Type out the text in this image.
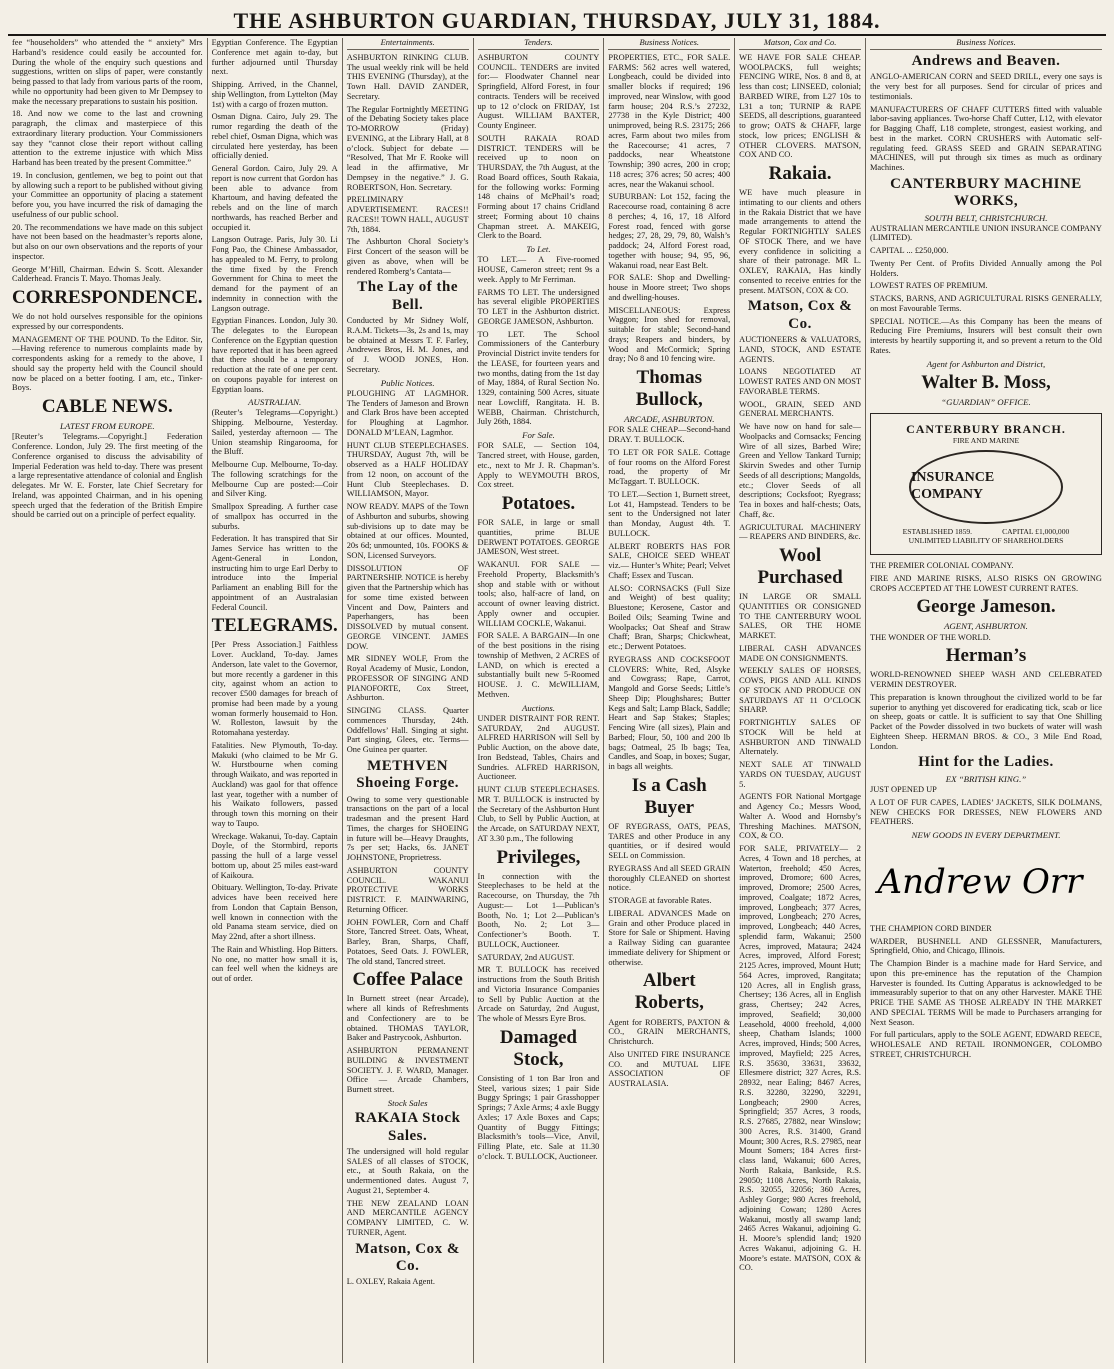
THE ASHBURTON GUARDIAN, THURSDAY, JULY 31, 1884.
fee “householders” who attended the “ anxiety” Mrs Harband’s residence could easily be accounted for. During the whole of the enquiry such questions and suggestions, written on slips of paper, were constantly being passed to that lady from various parts of the room, while no opportunity had been given to Mr Dempsey to make the necessary preparations to sustain his position.
18. And now we come to the last and crowning paragraph, the climax and masterpiece of this extraordinary literary production. Your Commissioners say they “cannot close their report without calling attention to the extreme injustice with which Miss Harband has been treated by the present Committee.”
19. In conclusion, gentlemen, we beg to point out that by allowing such a report to be published without giving your Committee an opportunity of placing a statement before you, you have incurred the risk of damaging the usefulness of our public school.
20. The recommendations we have made on this subject have not been based on the headmaster’s reports alone, but also on our own observations and the reports of your inspector.
George M’Hill, Chairman. Edwin S. Scott. Alexander Calderhead. Francis T. Mayo. Thomas Jealy.
CORRESPONDENCE.
We do not hold ourselves responsible for the opinions expressed by our correspondents.
MANAGEMENT OF THE POUND. To the Editor. Sir,—Having reference to numerous complaints made by correspondents asking for a remedy to the above, I should say the property held with the Council should now be placed on a better footing. I am, etc., Tinker-Boys.
CABLE NEWS.
LATEST FROM EUROPE.
[Reuter’s Telegrams.—Copyright.] Federation Conference. London, July 29. The first meeting of the Conference organised to discuss the advisability of Imperial Federation was held to-day. There was present a large representative attendance of colonial and English delegates. Mr W. E. Forster, late Chief Secretary for Ireland, was appointed Chairman, and in his opening speech urged that the federation of the British Empire should be carried out on a principle of perfect equality.
Egyptian Conference. The Egyptian Conference met again to-day, but further adjourned until Thursday next.
Shipping. Arrived, in the Channel, ship Wellington, from Lyttelton (May 1st) with a cargo of frozen mutton.
Osman Digna. Cairo, July 29. The rumor regarding the death of the rebel chief, Osman Digna, which was circulated here yesterday, has been officially denied.
General Gordon. Cairo, July 29. A report is now current that Gordon has been able to advance from Khartoum, and having defeated the rebels and on the line of march northwards, has reached Berber and occupied it.
Langson Outrage. Paris, July 30. Li Fong Pao, the Chinese Ambassador, has appealed to M. Ferry, to prolong the time fixed by the French Government for China to meet the demand for the payment of an indemnity in connection with the Langson outrage.
Egyptian Finances. London, July 30. The delegates to the European Conference on the Egyptian question have reported that it has been agreed that there should be a temporary reduction at the rate of one per cent. on coupons payable for interest on Egyptian loans.
AUSTRALIAN.
(Reuter’s Telegrams—Copyright.) Shipping. Melbourne, Yesterday. Sailed, yesterday afternoon — The Union steamship Ringarooma, for the Bluff.
Melbourne Cup. Melbourne, To-day. The following scratchings for the Melbourne Cup are posted:—Coir and Silver King.
Smallpox Spreading. A further case of smallpox has occurred in the suburbs.
Federation. It has transpired that Sir James Service has written to the Agent-General in London, instructing him to urge Earl Derby to introduce into the Imperial Parliament an enabling Bill for the appointment of an Australasian Federal Council.
TELEGRAMS.
[Per Press Association.] Faithless Lover. Auckland, To-day. James Anderson, late valet to the Governor, but more recently a gardener in this city, against whom an action to recover £500 damages for breach of promise had been made by a young woman formerly housemaid to Hon. W. Rolleston, lawsuit by the Rotomahana yesterday.
Fatalities. New Plymouth, To-day. Makuki (who claimed to be Mr G. W. Hurstbourne when coming through Waikato, and was reported in Auckland) was gaol for that offence last year, together with a number of his Waikato followers, passed through town this morning on their way to Taupo.
Wreckage. Wakanui, To-day. Captain Doyle, of the Stormbird, reports passing the hull of a large vessel bottom up, about 25 miles east-ward of Kaikoura.
Obituary. Wellington, To-day. Private advices have been received here from London that Captain Benson, well known in connection with the old Panama steam service, died on May 22nd, after a short illness.
The Rain and Whistling. Hop Bitters. No one, no matter how small it is, can feel well when the kidneys are out of order.
Entertainments.
ASHBURTON RINKING CLUB. The usual weekly rink will be held THIS EVENING (Thursday), at the Town Hall. DAVID ZANDER, Secretary.
The Regular Fortnightly MEETING of the Debating Society takes place TO-MORROW (Friday) EVENING, at the Library Hall, at 8 o’clock. Subject for debate — “Resolved, That Mr F. Rooke will lead in the affirmative, Mr Dempsey in the negative.” J. G. ROBERTSON, Hon. Secretary.
PRELIMINARY ADVERTISEMENT. RACES!! RACES!! TOWN HALL, AUGUST 7th, 1884.
The Ashburton Choral Society’s First Concert of the season will be given as above, when will be rendered Romberg’s Cantata—
The Lay of the Bell.
Conducted by Mr Sidney Wolf, R.A.M. Tickets—3s, 2s and 1s, may be obtained at Messrs T. F. Farley, Andrewes Bros, H. M. Jones, and of J. WOOD JONES, Hon. Secretary.
Public Notices.
PLOUGHING AT LAGMHOR. The Tenders of Jameson and Brown and Clark Bros have been accepted for Ploughing at Lagmhor. DONALD M’LEAN, Lagmhor.
HUNT CLUB STEEPLECHASES. THURSDAY, August 7th, will be observed as a HALF HOLIDAY from 12 noon, on account of the Hunt Club Steeplechases. D. WILLIAMSON, Mayor.
NOW READY. MAPS of the Town of Ashburton and suburbs, showing sub-divisions up to date may be obtained at our offices. Mounted, 20s 6d; unmounted, 10s. FOOKS & SON, Licensed Surveyors.
DISSOLUTION OF PARTNERSHIP. NOTICE is hereby given that the Partnership which has for some time existed between Vincent and Dow, Painters and Paperhangers, has been DISSOLVED by mutual consent. GEORGE VINCENT. JAMES DOW.
MR SIDNEY WOLF, From the Royal Academy of Music, London, PROFESSOR OF SINGING AND PIANOFORTE, Cox Street, Ashburton.
SINGING CLASS. Quarter commences Thursday, 24th. Oddfellows’ Hall. Singing at sight. Part singing, Glees, etc. Terms—One Guinea per quarter.
METHVEN Shoeing Forge.
Owing to some very questionable transactions on the part of a local tradesman and the present Hard Times, the charges for SHOEING in future will be—Heavy Draughts, 7s per set; Hacks, 6s. JANET JOHNSTONE, Proprietress.
ASHBURTON COUNTY COUNCIL. WAKANUI PROTECTIVE WORKS DISTRICT. F. MAINWARING, Returning Officer.
JOHN FOWLER, Corn and Chaff Store, Tancred Street. Oats, Wheat, Barley, Bran, Sharps, Chaff, Potatoes, Seed Oats. J. FOWLER, The old stand, Tancred street.
Coffee Palace
In Burnett street (near Arcade), where all kinds of Refreshments and Confectionery are to be obtained. THOMAS TAYLOR, Baker and Pastrycook, Ashburton.
ASHBURTON PERMANENT BUILDING & INVESTMENT SOCIETY. J. F. WARD, Manager. Office — Arcade Chambers, Burnett street.
Stock Sales
RAKAIA Stock Sales.
The undersigned will hold regular SALES of all classes of STOCK, etc., at South Rakaia, on the undermentioned dates. August 7, August 21, September 4.
THE NEW ZEALAND LOAN AND MERCANTILE AGENCY COMPANY LIMITED, C. W. TURNER, Agent.
Matson, Cox & Co.
L. OXLEY, Rakaia Agent.
Tenders.
ASHBURTON COUNTY COUNCIL. TENDERS are invited for:— Floodwater Channel near Springfield, Alford Forest, in four contracts. Tenders will be received up to 12 o’clock on FRIDAY, 1st August. WILLIAM BAXTER, County Engineer.
SOUTH RAKAIA ROAD DISTRICT. TENDERS will be received up to noon on THURSDAY, the 7th August, at the Road Board offices, South Rakaia, for the following works: Forming 148 chains of McPhail’s road; Forming about 17 chains Cridland street; Forming about 10 chains Chapman street. A. MAKEIG, Clerk to the Board.
To Let.
TO LET.— A Five-roomed HOUSE, Cameron street; rent 9s a week. Apply to Mr Ferriman.
FARMS TO LET. The undersigned has several eligible PROPERTIES TO LET in the Ashburton district. GEORGE JAMESON, Ashburton.
TO LET. The School Commissioners of the Canterbury Provincial District invite tenders for the LEASE, for fourteen years and two months, dating from the 1st day of May, 1884, of Rural Section No. 1329, containing 500 Acres, situate near Lowcliff, Rangitata. H. B. WEBB, Chairman. Christchurch, July 26th, 1884.
For Sale.
FOR SALE, — Section 104, Tancred street, with House, garden, etc., next to Mr J. R. Chapman’s. Apply to WEYMOUTH BROS, Cox street.
Potatoes.
FOR SALE, in large or small quantities, prime BLUE DERWENT POTATOES. GEORGE JAMESON, West street.
WAKANUI. FOR SALE — Freehold Property, Blacksmith’s shop and stable with or without tools; also, half-acre of land, on account of owner leaving district. Apply owner and occupier. WILLIAM COCKLE, Wakanui.
FOR SALE. A BARGAIN—In one of the best positions in the rising township of Methven, 2 ACRES of LAND, on which is erected a substantially built new 5-Roomed HOUSE. J. C. McWILLIAM, Methven.
Auctions.
UNDER DISTRAINT FOR RENT. SATURDAY, 2nd AUGUST. ALFRED HARRISON will Sell by Public Auction, on the above date, Iron Bedstead, Tables, Chairs and Sundries. ALFRED HARRISON, Auctioneer.
HUNT CLUB STEEPLECHASES. MR T. BULLOCK is instructed by the Secretary of the Ashburton Hunt Club, to Sell by Public Auction, at the Arcade, on SATURDAY NEXT, AT 3.30 p.m., The following
Privileges,
In connection with the Steeplechases to be held at the Racecourse, on Thursday, the 7th August:— Lot 1—Publican’s Booth, No. 1; Lot 2—Publican’s Booth, No. 2; Lot 3—Confectioner’s Booth. T. BULLOCK, Auctioneer.
SATURDAY, 2nd AUGUST.
MR T. BULLOCK has received instructions from the South British and Victoria Insurance Companies to Sell by Public Auction at the Arcade on Saturday, 2nd August, The whole of Messrs Eyre Bros.
Damaged Stock,
Consisting of 1 ton Bar Iron and Steel, various sizes; 1 pair Side Buggy Springs; 1 pair Grasshopper Springs; 7 Axle Arms; 4 axle Buggy Axles; 17 Axle Boxes and Caps; Quantity of Buggy Fittings; Blacksmith’s tools—Vice, Anvil, Filling Plate, etc. Sale at 11.30 o’clock. T. BULLOCK, Auctioneer.
Business Notices.
PROPERTIES, ETC., FOR SALE. FARMS: 562 acres well watered, Longbeach, could be divided into smaller blocks if required; 196 improved, near Winslow, with good farm house; 204 R.S.’s 27232, 27738 in the Kyle District; 400 unimproved, being R.S. 23175; 266 acres, Farm about two miles from the Racecourse; 41 acres, 7 paddocks, near Wheatstone Township; 390 acres, 200 in crop; 118 acres; 376 acres; 50 acres; 400 acres, near the Wakanui school.
SUBURBAN: Lot 152, facing the Racecourse road, containing 8 acre 8 perches; 4, 16, 17, 18 Alford Forest road, fenced with gorse hedges; 27, 28, 29, 79, 80, Walsh’s paddock; 24, Alford Forest road, together with house; 94, 95, 96, Wakanui road, near East Belt.
FOR SALE: Shop and Dwelling-house in Moore street; Two shops and dwelling-houses.
MISCELLANEOUS: Express Waggon; Iron shed for removal, suitable for stable; Second-hand drays; Reapers and binders, by Wood and McCormick; Spring dray; No 8 and 10 fencing wire.
Thomas Bullock,
ARCADE, ASHBURTON.
FOR SALE CHEAP—Second-hand DRAY. T. BULLOCK.
TO LET OR FOR SALE. Cottage of four rooms on the Alford Forest road, the property of Mr McTaggart. T. BULLOCK.
TO LET.—Section 1, Burnett street, Lot 41, Hampstead. Tenders to be sent to the Undersigned not later than Monday, August 4th. T. BULLOCK.
ALBERT ROBERTS HAS FOR SALE, CHOICE SEED WHEAT viz.— Hunter’s White; Pearl; Velvet Chaff; Essex and Tuscan.
ALSO: CORNSACKS (Full Size and Weight) of best quality; Bluestone; Kerosene, Castor and Boiled Oils; Seaming Twine and Woolpacks; Oat Sheaf and Straw Chaff; Bran, Sharps; Chickwheat, etc.; Derwent Potatoes.
RYEGRASS AND COCKSFOOT CLOVERS: White, Red, Alsyke and Cowgrass; Rape, Carrot, Mangold and Gorse Seeds; Little’s Sheep Dip; Ploughshares; Butter Kegs and Salt; Lamp Black, Saddle; Heart and Sap Stakes; Staples; Fencing Wire (all sizes), Plain and Barbed; Flour, 50, 100 and 200 lb bags; Oatmeal, 25 lb bags; Tea, Candles, and Soap, in boxes; Sugar, in bags all weights.
Is a Cash Buyer
OF RYEGRASS, OATS, PEAS, TARES and other Produce in any quantities, or if desired would SELL on Commission.
RYEGRASS And all SEED GRAIN thoroughly CLEANED on shortest notice.
STORAGE at favorable Rates.
LIBERAL ADVANCES Made on Grain and other Produce placed in Store for Sale or Shipment. Having a Railway Siding can guarantee immediate delivery for Shipment or otherwise.
Albert Roberts,
Agent for ROBERTS, PAXTON & CO., GRAIN MERCHANTS, Christchurch.
Also UNITED FIRE INSURANCE CO. and MUTUAL LIFE ASSOCIATION OF AUSTRALASIA.
Matson, Cox and Co.
WE HAVE FOR SALE CHEAP. WOOLPACKS, full weights; FENCING WIRE, Nos. 8 and 8, at less than cost; LINSEED, colonial; BARBED WIRE, from L27 10s to L31 a ton; TURNIP & RAPE SEEDS, all descriptions, guaranteed to grow; OATS & CHAFF, large stock, low prices; ENGLISH & OTHER CLOVERS. MATSON, COX AND CO.
Rakaia.
WE have much pleasure in intimating to our clients and others in the Rakaia District that we have made arrangements to attend the Regular FORTNIGHTLY SALES OF STOCK There, and we have every confidence in soliciting a share of their patronage. MR L. OXLEY, RAKAIA, Has kindly consented to receive entries for the present. MATSON, COX & CO.
Matson, Cox & Co.
AUCTIONEERS & VALUATORS, LAND, STOCK, AND ESTATE AGENTS.
LOANS NEGOTIATED AT LOWEST RATES AND ON MOST FAVORABLE TERMS.
WOOL, GRAIN, SEED AND GENERAL MERCHANTS.
We have now on hand for sale— Woolpacks and Cornsacks; Fencing Wire of all sizes, Barbed Wire; Green and Yellow Tankard Turnip; Skirvin Swedes and other Turnip Seeds of all descriptions; Mangolds, etc.; Clover Seeds of all descriptions; Cocksfoot; Ryegrass; Tea in boxes and half-chests; Oats, Chaff, &c.
AGRICULTURAL MACHINERY— REAPERS AND BINDERS, &c.
Wool Purchased
IN LARGE OR SMALL QUANTITIES OR CONSIGNED TO THE CANTERBURY WOOL SALES, OR THE HOME MARKET.
LIBERAL CASH ADVANCES MADE ON CONSIGNMENTS.
WEEKLY SALES OF HORSES, COWS, PIGS AND ALL KINDS OF STOCK AND PRODUCE ON SATURDAYS AT 11 O’CLOCK SHARP.
FORTNIGHTLY SALES OF STOCK Will be held at ASHBURTON AND TINWALD Alternately.
NEXT SALE AT TINWALD YARDS ON TUESDAY, AUGUST 5.
AGENTS FOR National Mortgage and Agency Co.; Messrs Wood, Walter A. Wood and Hornsby’s Threshing Machines. MATSON, COX, & CO.
FOR SALE, PRIVATELY— 2 Acres, 4 Town and 18 perches, at Waterton, freehold; 450 Acres, improved, Dromore; 600 Acres, improved, Dromore; 2500 Acres, improved, Coalgate; 1872 Acres, improved, Longbeach; 377 Acres, improved, Longbeach; 270 Acres, improved, Longbeach; 440 Acres, splendid farm, Wakanui; 2500 Acres, improved, Mataura; 2424 Acres, improved, Alford Forest; 2125 Acres, improved, Mount Hutt; 564 Acres, improved, Rangitata; 120 Acres, all in English grass, Chertsey; 136 Acres, all in English grass, Chertsey; 242 Acres, improved, Seafield; 30,000 Leasehold, 4000 freehold, 4,000 sheep, Chatham Islands; 1000 Acres, improved, Hinds; 500 Acres, improved, Mayfield; 225 Acres, R.S. 35630, 33631, 33632, Ellesmere district; 327 Acres, R.S. 28932, near Ealing; 8467 Acres, R.S. 32280, 32290, 32291, Longbeach; 2900 Acres, Springfield; 357 Acres, 3 roods, R.S. 27685, 27882, near Winslow; 300 Acres, R.S. 31400, Grand Mount; 300 Acres, R.S. 27985, near Mount Somers; 184 Acres first-class land, Wakanui; 600 Acres, North Rakaia, Bankside, R.S. 29050; 1108 Acres, North Rakaia, R.S. 32055, 32056; 360 Acres, Ashley Gorge; 980 Acres freehold, adjoining Cowan; 1280 Acres Wakanui, mostly all swamp land; 2465 Acres Wakanui, adjoining G. H. Moore’s splendid land; 1920 Acres Wakanui, adjoining G. H. Moore’s estate. MATSON, COX & CO.
Business Notices.
Andrews and Beaven.
ANGLO-AMERICAN CORN and SEED DRILL, every one says is the very best for all purposes. Send for circular of prices and testimonials.
MANUFACTURERS OF CHAFF CUTTERS fitted with valuable labor-saving appliances. Two-horse Chaff Cutter, L12, with elevator for Bagging Chaff, L18 complete, strongest, easiest working, and best in the market. CORN CRUSHERS with Automatic self-regulating feed. GRASS SEED and GRAIN SEPARATING MACHINES, will put through six times as much as ordinary Machines.
CANTERBURY MACHINE WORKS,
SOUTH BELT, CHRISTCHURCH.
AUSTRALIAN MERCANTILE UNION INSURANCE COMPANY (LIMITED).
CAPITAL ... £250,000.
Twenty Per Cent. of Profits Divided Annually among the Pol Holders.
LOWEST RATES OF PREMIUM.
STACKS, BARNS, AND AGRICULTURAL RISKS GENERALLY, on most Favourable Terms.
SPECIAL NOTICE.—As this Company has been the means of Reducing Fire Premiums, Insurers will best consult their own interests by heartily supporting it, and so prevent a return to the Old Rates.
Agent for Ashburton and District,
Walter B. Moss,
“GUARDIAN” OFFICE.
CANTERBURY BRANCH.
FIRE AND MARINE
INSURANCE COMPANY
ESTABLISHED 1859.	CAPITAL £1,000,000
UNLIMITED LIABILITY OF SHAREHOLDERS
THE PREMIER COLONIAL COMPANY.
FIRE AND MARINE RISKS, ALSO RISKS ON GROWING CROPS ACCEPTED AT THE LOWEST CURRENT RATES.
George Jameson.
AGENT, ASHBURTON.
THE WONDER OF THE WORLD.
Herman’s
WORLD-RENOWNED SHEEP WASH AND CELEBRATED VERMIN DESTROYER.
This preparation is known throughout the civilized world to be far superior to anything yet discovered for eradicating tick, scab or lice on sheep, goats or cattle. It is sufficient to say that One Shilling Packet of the Powder dissolved in two buckets of water will wash Eighteen Sheep. HERMAN BROS. & CO., 3 Mile End Road, London.
Hint for the Ladies.
EX “BRITISH KING.”
JUST OPENED UP
A LOT OF FUR CAPES, LADIES’ JACKETS, SILK DOLMANS, NEW CHECKS FOR DRESSES, NEW FLOWERS AND FEATHERS.
NEW GOODS IN EVERY DEPARTMENT.
Andrew Orr
THE CHAMPION CORD BINDER
WARDER, BUSHNELL AND GLESSNER, Manufacturers, Springfield, Ohio, and Chicago, Illinois.
The Champion Binder is a machine made for Hard Service, and upon this pre-eminence has the reputation of the Champion Harvester is founded. Its Cutting Apparatus is acknowledged to be immeasurably superior to that on any other Harvester. MAKE THE PRICE THE SAME AS THOSE ALREADY IN THE MARKET AND SPECIAL TERMS Will be made to Purchasers arranging for Next Season.
For full particulars, apply to the SOLE AGENT, EDWARD REECE, WHOLESALE AND RETAIL IRONMONGER, COLOMBO STREET, CHRISTCHURCH.
